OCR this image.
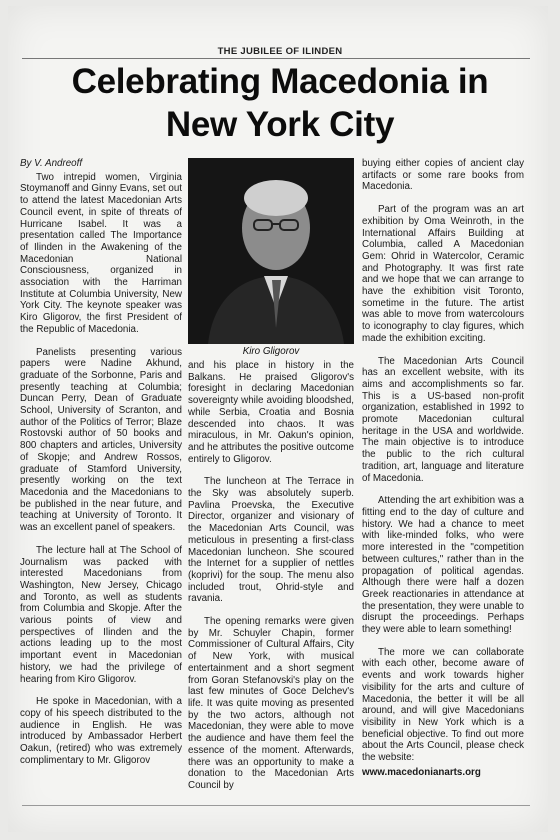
THE JUBILEE OF ILINDEN
Celebrating Macedonia in
New York City
By V. Andreoff

Two intrepid women, Virginia Stoymanoff and Ginny Evans, set out to attend the latest Macedonian Arts Council event, in spite of threats of Hurricane Isabel. It was a presentation called The Importance of Ilinden in the Awakening of the Macedonian National Consciousness, organized in association with the Harriman Institute at Columbia University, New York City. The keynote speaker was Kiro Gligorov, the first President of the Republic of Macedonia.

Panelists presenting various papers were Nadine Akhund, graduate of the Sorbonne, Paris and presently teaching at Columbia; Duncan Perry, Dean of Graduate School, University of Scranton, and author of the Politics of Terror; Blaze Rostovski author of 50 books and 800 chapters and articles, University of Skopje; and Andrew Rossos, graduate of Stamford University, presently working on the text Macedonia and the Macedonians to be published in the near future, and teaching at University of Toronto. It was an excellent panel of speakers.

The lecture hall at The School of Journalism was packed with interested Macedonians from Washington, New Jersey, Chicago and Toronto, as well as students from Columbia and Skopje. After the various points of view and perspectives of Ilinden and the actions leading up to the most important event in Macedonian history, we had the privilege of hearing from Kiro Gligorov.

He spoke in Macedonian, with a copy of his speech distributed to the audience in English. He was introduced by Ambassador Herbert Oakun, (retired) who was extremely complimentary to Mr. Gligorov

Kiro Gligorov

and his place in history in the Balkans. He praised Gligorov's foresight in declaring Macedonian sovereignty while avoiding bloodshed, while Serbia, Croatia and Bosnia descended into chaos. It was miraculous, in Mr. Oakun's opinion, and he attributes the positive outcome entirely to Gligorov.

The luncheon at The Terrace in the Sky was absolutely superb. Pavlina Proevska, the Executive Director, organizer and visionary of the Macedonian Arts Council, was meticulous in presenting a first-class Macedonian luncheon. She scoured the Internet for a supplier of nettles (koprivi) for the soup. The menu also included trout, Ohrid-style and ravania.

The opening remarks were given by Mr. Schuyler Chapin, former Commissioner of Cultural Affairs, City of New York, with musical entertainment and a short segment from Goran Stefanovski's play on the last few minutes of Goce Delchev's life. It was quite moving as presented by the two actors, although not Macedonian, they were able to move the audience and have them feel the essence of the moment. Afterwards, there was an opportunity to make a donation to the Macedonian Arts Council by

buying either copies of ancient clay artifacts or some rare books from Macedonia.

Part of the program was an art exhibition by Oma Weinroth, in the International Affairs Building at Columbia, called A Macedonian Gem: Ohrid in Watercolor, Ceramic and Photography. It was first rate and we hope that we can arrange to have the exhibition visit Toronto, sometime in the future. The artist was able to move from watercolours to iconography to clay figures, which made the exhibition exciting.

The Macedonian Arts Council has an excellent website, with its aims and accomplishments so far. This is a US-based non-profit organization, established in 1992 to promote Macedonian cultural heritage in the USA and worldwide. The main objective is to introduce the public to the rich cultural tradition, art, language and literature of Macedonia.

Attending the art exhibition was a fitting end to the day of culture and history. We had a chance to meet with like-minded folks, who were more interested in the "competition between cultures," rather than in the propagation of political agendas. Although there were half a dozen Greek reactionaries in attendance at the presentation, they were unable to disrupt the proceedings. Perhaps they were able to learn something!

The more we can collaborate with each other, become aware of events and work towards higher visibility for the arts and culture of Macedonia, the better it will be all around, and will give Macedonians visibility in New York which is a beneficial objective. To find out more about the Arts Council, please check the website:

www.macedonianarts.org
